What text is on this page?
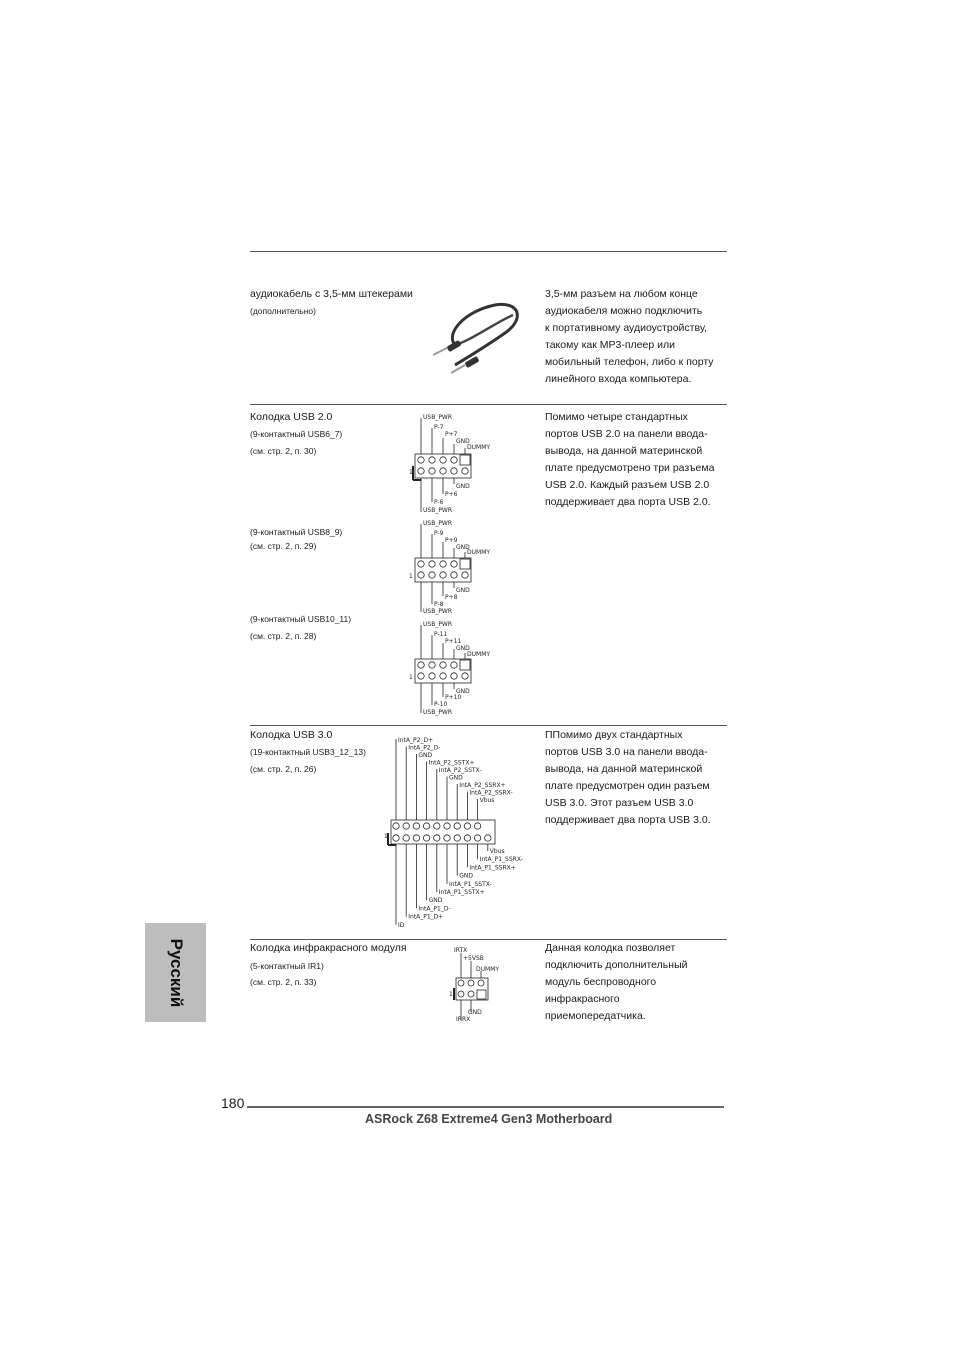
аудиокабель с 3,5-мм штекерами
(дополнительно)
3,5-мм разъем на любом конце
аудиокабеля можно подключить
к портативному аудиоустройству,
такому как МР3-плеер или
мобильный телефон, либо к порту
линейного входа компьютера.
Колодка USB 2.0
(9-контактный USB6_7)
(см. стр. 2, п. 30)
Помимо четыре стандартных
портов USB 2.0 на панели ввода-
вывода, на данной материнской
плате предусмотрено три разъема
USB 2.0. Каждый разъем USB 2.0
поддерживает два порта USB 2.0.
USB_PWR
P-7
P+7
GND
DUMMY
GND
P+6
P-6
USB_PWR
1
(9-контактный USB8_9)
(см. стр. 2, п. 29)
USB_PWR
P-9
P+9
GND
DUMMY
GND
P+8
P-8
USB_PWR
1
(9-контактный USB10_11)
(см. стр. 2, п. 28)
USB_PWR
P-11
P+11
GND
DUMMY
GND
P+10
P-10
USB_PWR
1
Колодка USB 3.0
(19-контактный USB3_12_13)
(см. стр. 2, п. 26)
ППомимо двух стандартных
портов USB 3.0 на панели ввода-
вывода, на данной материнской
плате предусмотрен один разъем
USB 3.0. Этот разъем USB 3.0
поддерживает два порта USB 3.0.
IntA_P2_D+
IntA_P2_D-
GND
IntA_P2_SSTX+
IntA_P2_SSTX-
GND
IntA_P2_SSRX+
IntA_P2_SSRX-
Vbus
Vbus
IntA_P1_SSRX-
IntA_P1_SSRX+
GND
IntA_P1_SSTX-
IntA_P1_SSTX+
GND
IntA_P1_D-
IntA_P1_D+
ID
1
Колодка инфракрасного модуля
(5-контактный IR1)
(см. стр. 2, п. 33)
Данная колодка позволяет
подключить дополнительный
модуль беспроводного
инфракрасного
приемопередатчика.
IRTX
+5VSB
DUMMY
GND
IRRX
1
Русский
180
ASRock Z68 Extreme4 Gen3 Motherboard
